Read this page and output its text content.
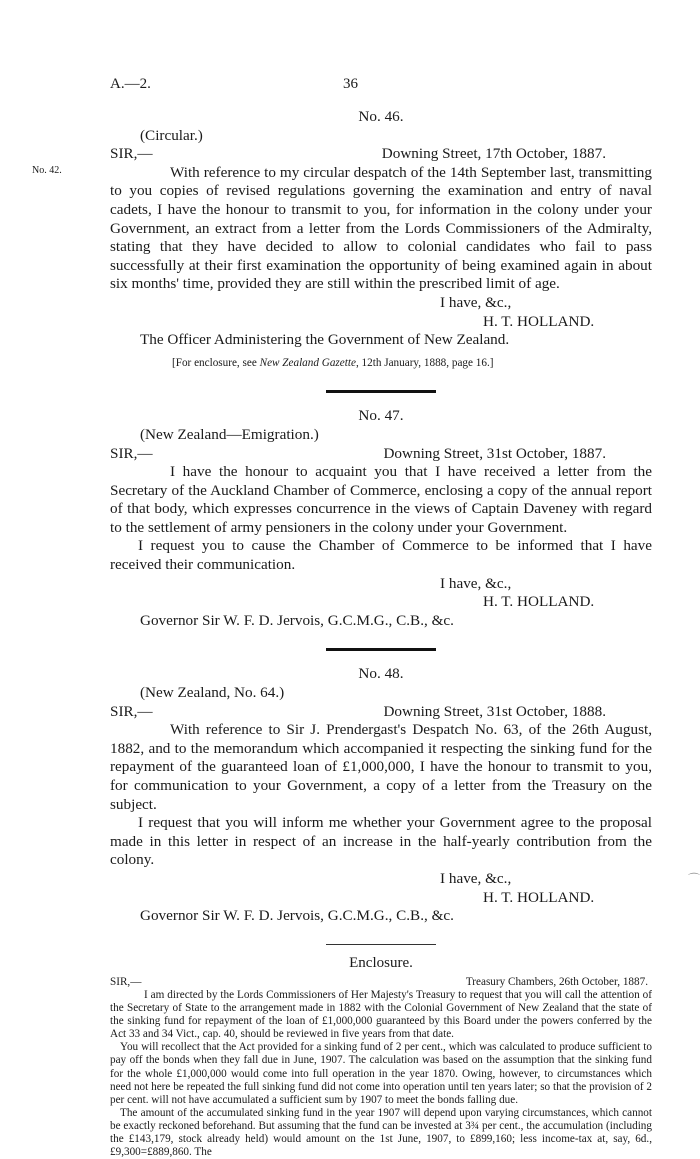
A.—2.	36
No. 42.
⌒
No. 46.
(Circular.)
SIR,—	Downing Street, 17th October, 1887.
With reference to my circular despatch of the 14th September last, transmitting to you copies of revised regulations governing the examination and entry of naval cadets, I have the honour to transmit to you, for information in the colony under your Government, an extract from a letter from the Lords Commissioners of the Admiralty, stating that they have decided to allow to colonial candidates who fail to pass successfully at their first examination the opportunity of being examined again in about six months' time, provided they are still within the prescribed limit of age.
I have, &c.,
H. T. HOLLAND.
The Officer Administering the Government of New Zealand.
[For enclosure, see New Zealand Gazette, 12th January, 1888, page 16.]
No. 47.
(New Zealand—Emigration.)
SIR,—	Downing Street, 31st October, 1887.
I have the honour to acquaint you that I have received a letter from the Secretary of the Auckland Chamber of Commerce, enclosing a copy of the annual report of that body, which expresses concurrence in the views of Captain Daveney with regard to the settlement of army pensioners in the colony under your Government.
I request you to cause the Chamber of Commerce to be informed that I have received their communication.
I have, &c.,
H. T. HOLLAND.
Governor Sir W. F. D. Jervois, G.C.M.G., C.B., &c.
No. 48.
(New Zealand, No. 64.)
SIR,—	Downing Street, 31st October, 1888.
With reference to Sir J. Prendergast's Despatch No. 63, of the 26th August, 1882, and to the memorandum which accompanied it respecting the sinking fund for the repayment of the guaranteed loan of £1,000,000, I have the honour to transmit to you, for communication to your Government, a copy of a letter from the Treasury on the subject.
I request that you will inform me whether your Government agree to the proposal made in this letter in respect of an increase in the half-yearly contribution from the colony.
I have, &c.,
H. T. HOLLAND.
Governor Sir W. F. D. Jervois, G.C.M.G., C.B., &c.
Enclosure.
SIR,—	Treasury Chambers, 26th October, 1887.
I am directed by the Lords Commissioners of Her Majesty's Treasury to request that you will call the attention of the Secretary of State to the arrangement made in 1882 with the Colonial Government of New Zealand that the state of the sinking fund for repayment of the loan of £1,000,000 guaranteed by this Board under the powers conferred by the Act 33 and 34 Vict., cap. 40, should be reviewed in five years from that date.
You will recollect that the Act provided for a sinking fund of 2 per cent., which was calculated to produce sufficient to pay off the bonds when they fall due in June, 1907. The calculation was based on the assumption that the sinking fund for the whole £1,000,000 would come into full operation in the year 1870. Owing, however, to circumstances which need not here be repeated the full sinking fund did not come into operation until ten years later; so that the provision of 2 per cent. will not have accumulated a sufficient sum by 1907 to meet the bonds falling due.
The amount of the accumulated sinking fund in the year 1907 will depend upon varying circumstances, which cannot be exactly reckoned beforehand. But assuming that the fund can be invested at 3¾ per cent., the accumulation (including the £143,179, stock already held) would amount on the 1st June, 1907, to £899,160; less income-tax at, say, 6d., £9,300=£889,860. The
